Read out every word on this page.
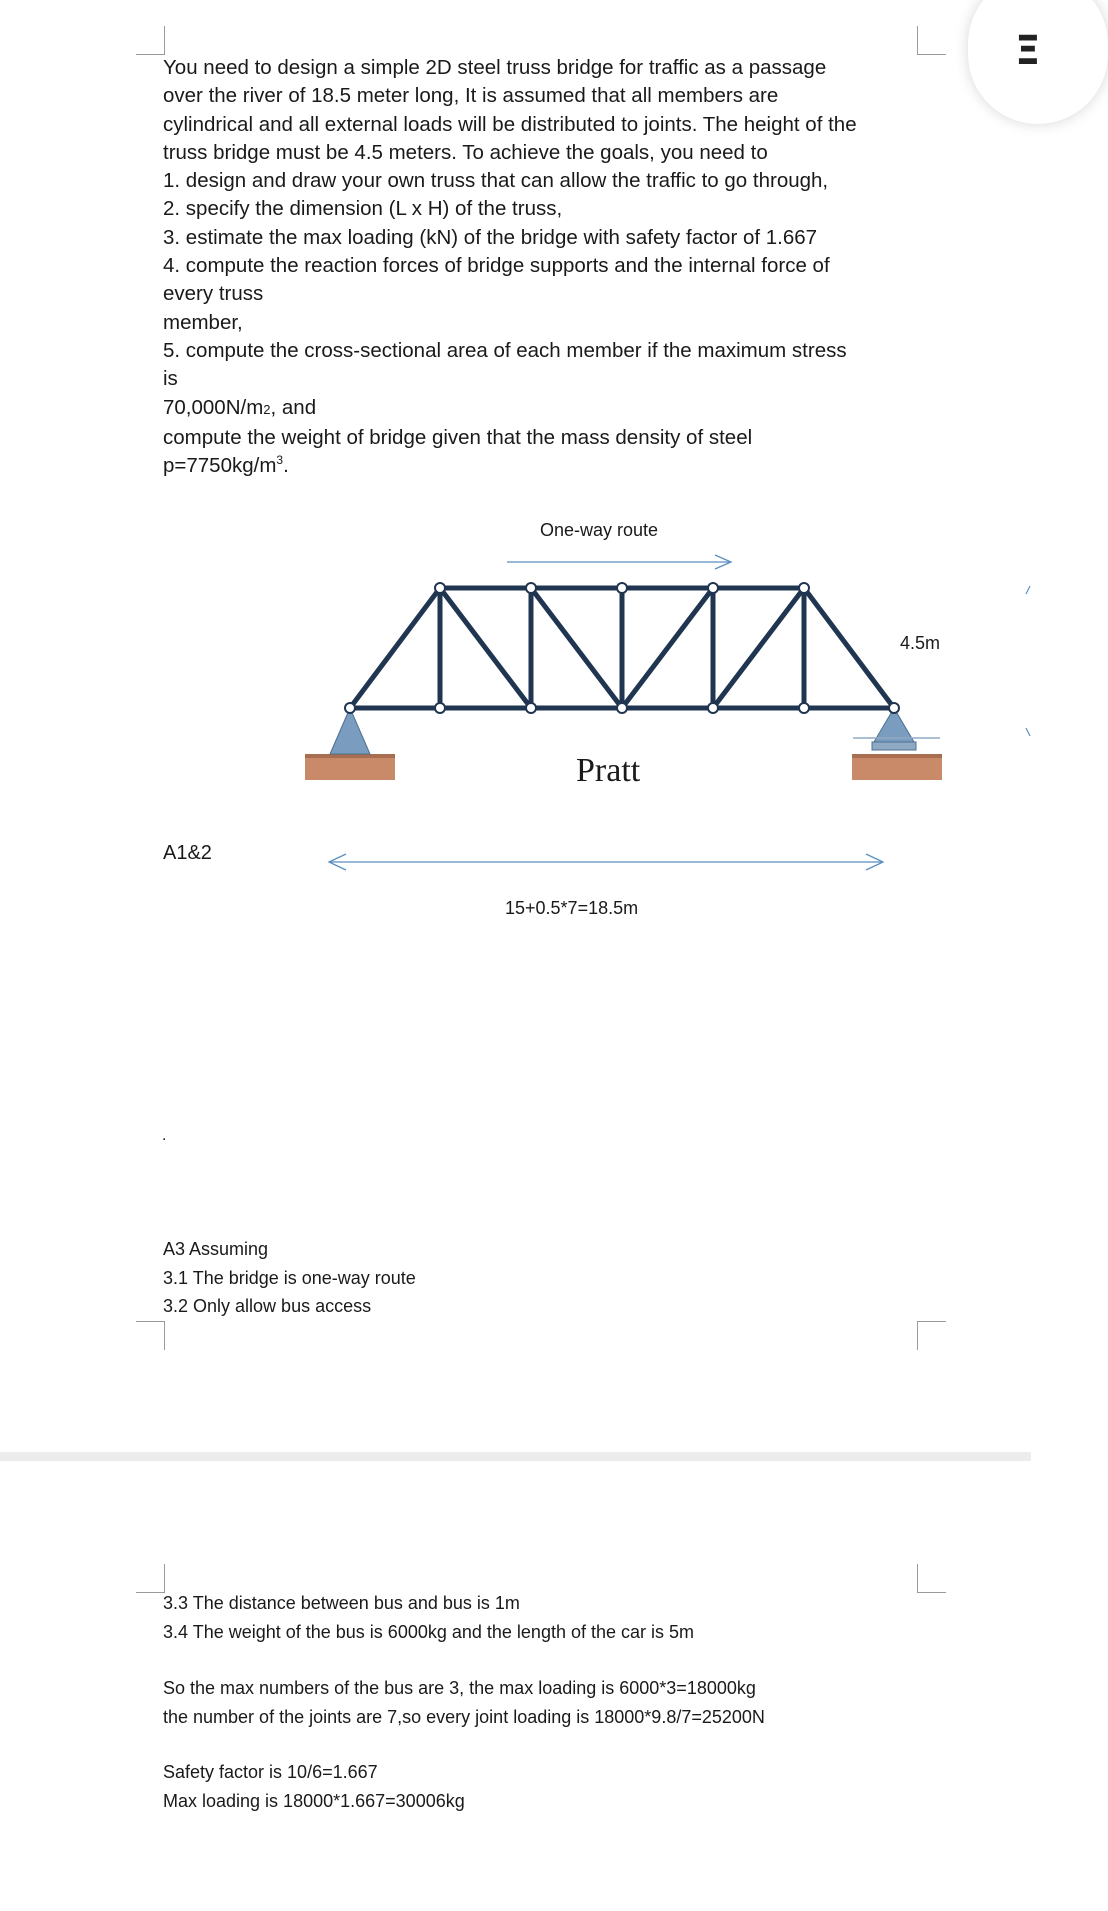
You need to design a simple 2D steel truss bridge for traffic as a passage
over the river of 18.5 meter long, It is assumed that all members are
cylindrical and all external loads will be distributed to joints. The height of the
truss bridge must be 4.5 meters. To achieve the goals, you need to
1. design and draw your own truss that can allow the traffic to go through,
2. specify the dimension (L x H) of the truss,
3. estimate the max loading (kN) of the bridge with safety factor of 1.667
4. compute the reaction forces of bridge supports and the internal force of
every truss
member,
5. compute the cross-sectional area of each member if the maximum stress
is
70,000N/m2, and
compute the weight of bridge given that the mass density of steel
$p=7750kg/m^3$.
One-way route
4.5m
Pratt
A1&2
15+0.5*7=18.5m
.
A3 Assuming
3.1 The bridge is one-way route
3.2 Only allow bus access
3.3 The distance between bus and bus is 1m
3.4 The weight of the bus is 6000kg and the length of the car is 5m
So the max numbers of the bus are 3, the max loading is 6000*3=18000kg
the number of the joints are 7,so every joint loading is 18000*9.8/7=25200N
Safety factor is 10/6=1.667
Max loading is 18000*1.667=30006kg
Ξ
